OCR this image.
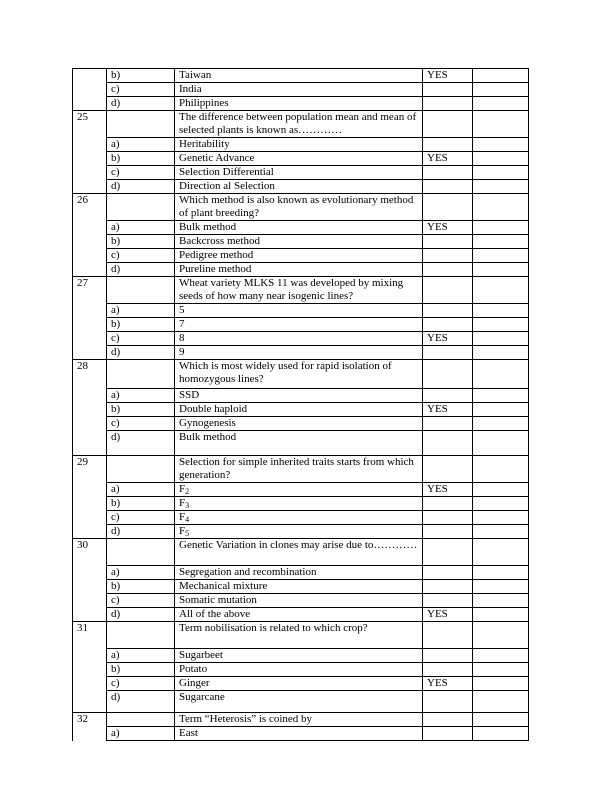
	b)	Taiwan	YES	
	c)	India		
	d)	Philippines		
25		The difference between population mean and mean of selected plants is known as…………		
	a)	Heritability		
	b)	Genetic Advance	YES	
	c)	Selection Differential		
	d)	Direction al Selection		
26		Which method is also known as evolutionary method of plant breeding?		
	a)	Bulk method	YES	
	b)	Backcross method		
	c)	Pedigree method		
	d)	Pureline method		
27		Wheat variety MLKS 11 was developed by mixing seeds of how many near isogenic lines?		
	a)	5		
	b)	7		
	c)	8	YES	
	d)	9		
28		Which is most widely used for rapid isolation of homozygous lines?		
	a)	SSD		
	b)	Double haploid	YES	
	c)	Gynogenesis		
	d)	Bulk method		
29		Selection for simple inherited traits starts from which generation?		
	a)	$F_2$	YES	
	b)	$F_3$		
	c)	$F_4$		
	d)	$F_5$		
30		Genetic Variation in clones may arise due to…………		
	a)	Segregation and recombination		
	b)	Mechanical mixture		
	c)	Somatic mutation		
	d)	All of the above	YES	
31		Term nobilisation is related to which crop?		
	a)	Sugarbeet		
	b)	Potato		
	c)	Ginger	YES	
	d)	Sugarcane		
32		Term “Heterosis” is coined by		
	a)	East		
